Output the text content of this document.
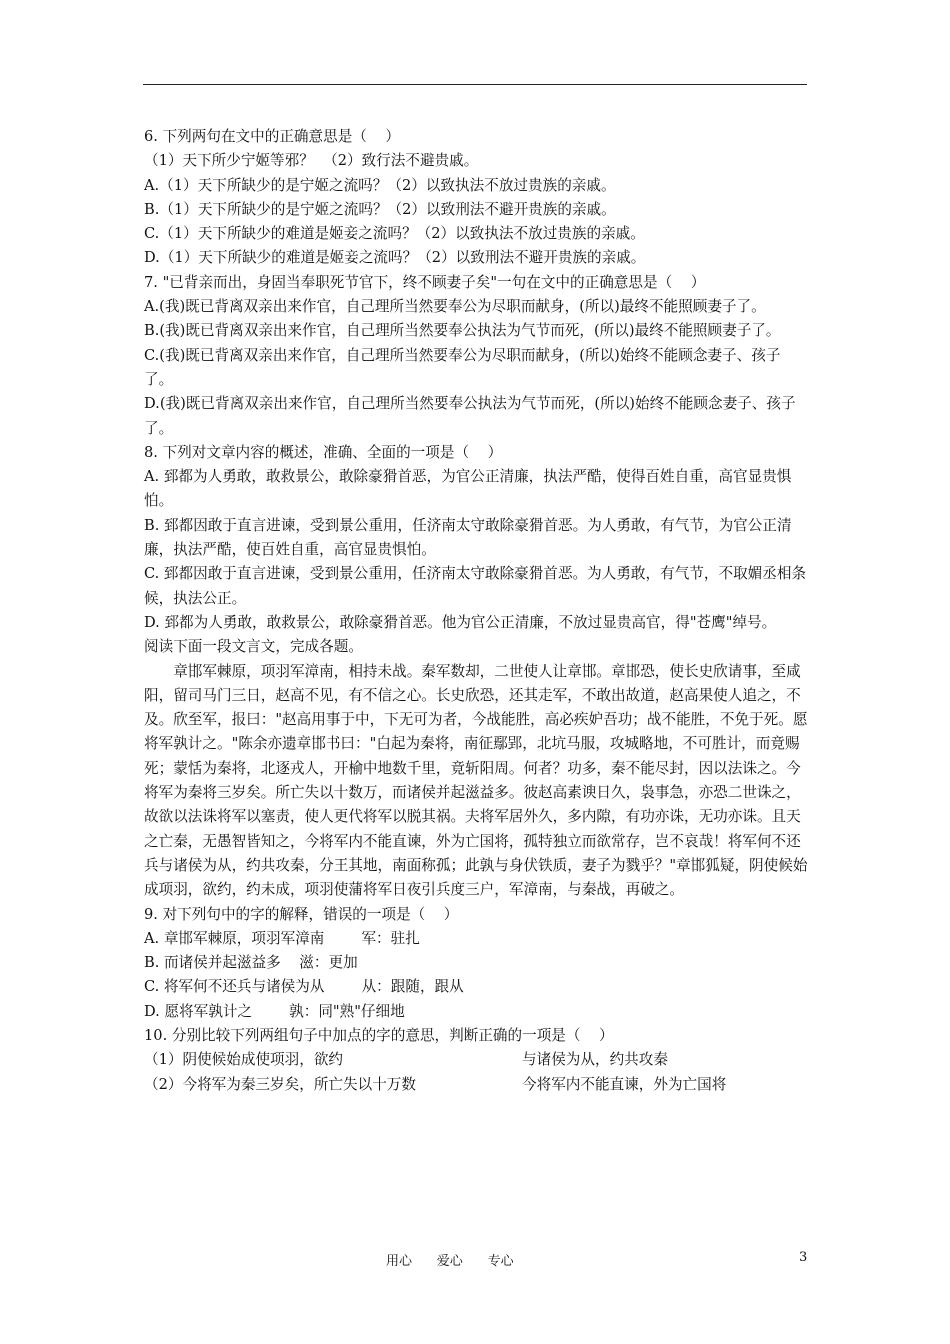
6. 下列两句在文中的正确意思是（    ）

（1）天下所少宁姬等邪？  （2）致行法不避贵戚。

A.（1）天下所缺少的是宁姬之流吗？（2）以致执法不放过贵族的亲戚。

B.（1）天下所缺少的是宁姬之流吗？（2）以致刑法不避开贵族的亲戚。

C.（1）天下所缺少的难道是姬妾之流吗？（2）以致执法不放过贵族的亲戚。

D.（1）天下所缺少的难道是姬妾之流吗？（2）以致刑法不避开贵族的亲戚。

7. "已背亲而出，身固当奉职死节官下，终不顾妻子矣"一句在文中的正确意思是（    ）

A.(我)既已背离双亲出来作官，自己理所当然要奉公为尽职而献身，(所以)最终不能照顾妻子了。

B.(我)既已背离双亲出来作官，自己理所当然要奉公执法为气节而死，(所以)最终不能照顾妻子了。

C.(我)既已背离双亲出来作官，自己理所当然要奉公为尽职而献身，(所以)始终不能顾念妻子、孩子了。

D.(我)既已背离双亲出来作官，自己理所当然要奉公执法为气节而死，(所以)始终不能顾念妻子、孩子了。

8. 下列对文章内容的概述，准确、全面的一项是（    ）

A. 郅都为人勇敢，敢救景公，敢除豪猾首恶，为官公正清廉，执法严酷，使得百姓自重，高官显贵惧怕。

B. 郅都因敢于直言进谏，受到景公重用，任济南太守敢除豪猾首恶。为人勇敢，有气节，为官公正清廉，执法严酷，使百姓自重，高官显贵惧怕。

C. 郅都因敢于直言进谏，受到景公重用，任济南太守敢除豪猾首恶。为人勇敢，有气节，不取媚丞相条候，执法公正。

D. 郅都为人勇敢，敢救景公，敢除豪猾首恶。他为官公正清廉，不放过显贵高官，得"苍鹰"绰号。

阅读下面一段文言文，完成各题。

章邯军棘原，项羽军漳南，相持未战。秦军数却，二世使人让章邯。章邯恐，使长史欣请事，至咸阳，留司马门三日，赵高不见，有不信之心。长史欣恐，还其走军，不敢出故道，赵高果使人追之，不及。欣至军，报曰："赵高用事于中，下无可为者，今战能胜，高必疾妒吾功；战不能胜，不免于死。愿将军孰计之。"陈余亦遗章邯书曰："白起为秦将，南征鄢郢，北坑马服，攻城略地，不可胜计，而竟赐死；蒙恬为秦将，北逐戎人，开榆中地数千里，竟斩阳周。何者？功多，秦不能尽封，因以法诛之。今将军为秦将三岁矣。所亡失以十数万，而诸侯并起滋益多。彼赵高素谀日久，袅事急，亦恐二世诛之，故欲以法诛将军以塞责，使人更代将军以脱其祸。夫将军居外久，多内隙，有功亦诛，无功亦诛。且天之亡秦，无愚智皆知之，今将军内不能直谏，外为亡国将，孤特独立而欲常存，岂不哀哉！将军何不还兵与诸侯为从，约共攻秦，分王其地，南面称孤；此孰与身伏铁质，妻子为戮乎？"章邯狐疑，阴使候始成项羽，欲约，约未成，项羽使蒲将军日夜引兵度三户，军漳南，与秦战，再破之。

9. 对下列句中的字的解释，错误的一项是（    ）

A. 章邯军棘原，项羽军漳南        军：驻扎

B. 而诸侯并起滋益多    滋：更加

C. 将军何不还兵与诸侯为从        从：跟随，跟从

D. 愿将军孰计之        孰：同"熟"仔细地

10. 分别比较下列两组句子中加点的字的意思，判断正确的一项是（    ）

（1）阴使候始成使项羽，欲约	与诸侯为从，约共攻秦
（2）今将军为秦三岁矣，所亡失以十万数	今将军内不能直谏，外为亡国将
用心      爱心      专心	3
